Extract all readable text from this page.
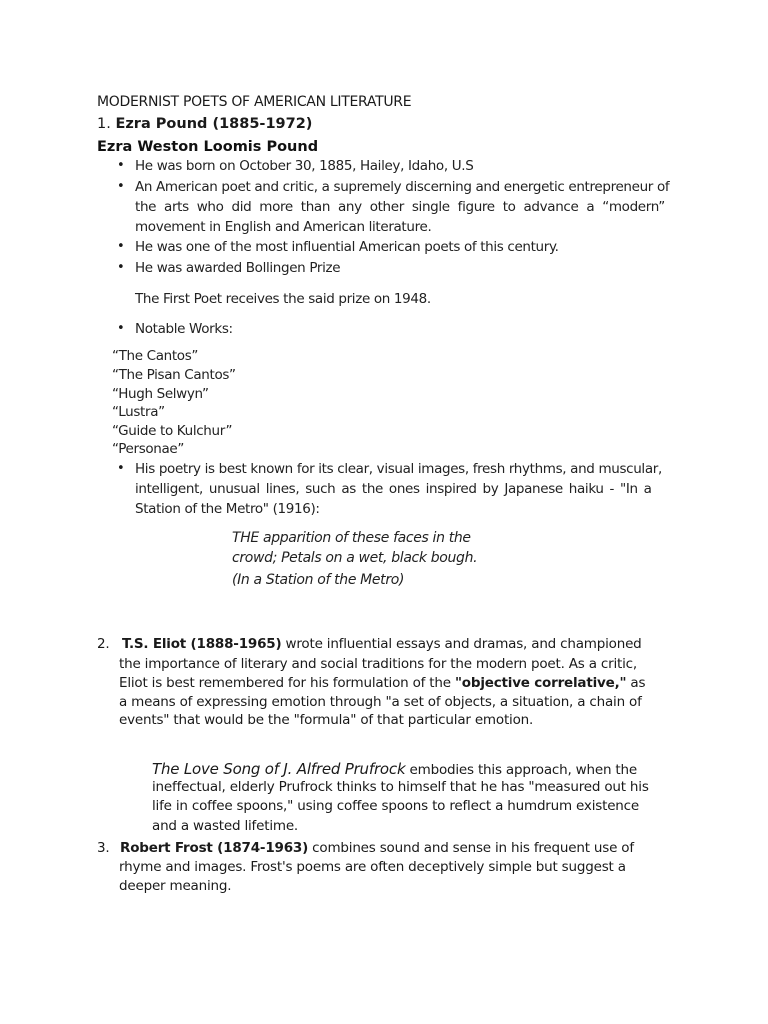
MODERNIST POETS OF AMERICAN LITERATURE
1. Ezra Pound (1885-1972)
Ezra Weston Loomis Pound
• He was born on October 30, 1885, Hailey, Idaho, U.S
• An American poet and critic, a supremely discerning and energetic entrepreneur of
the arts who did more than any other single figure to advance a “modern”
movement in English and American literature.
• He was one of the most influential American poets of this century.
• He was awarded Bollingen Prize
The First Poet receives the said prize on 1948.
• Notable Works:
“The Cantos”
“The Pisan Cantos”
“Hugh Selwyn”
“Lustra”
“Guide to Kulchur”
“Personae”
• His poetry is best known for its clear, visual images, fresh rhythms, and muscular,
intelligent, unusual lines, such as the ones inspired by Japanese haiku - "In a
Station of the Metro" (1916):
THE apparition of these faces in the
crowd; Petals on a wet, black bough.
(In a Station of the Metro)
2. T.S. Eliot (1888-1965) wrote influential essays and dramas, and championed
the importance of literary and social traditions for the modern poet. As a critic,
Eliot is best remembered for his formulation of the "objective correlative," as
a means of expressing emotion through "a set of objects, a situation, a chain of
events" that would be the "formula" of that particular emotion.
The Love Song of J. Alfred Prufrock embodies this approach, when the
ineffectual, elderly Prufrock thinks to himself that he has "measured out his
life in coffee spoons," using coffee spoons to reflect a humdrum existence
and a wasted lifetime.
3. Robert Frost (1874-1963) combines sound and sense in his frequent use of
rhyme and images. Frost's poems are often deceptively simple but suggest a
deeper meaning.
